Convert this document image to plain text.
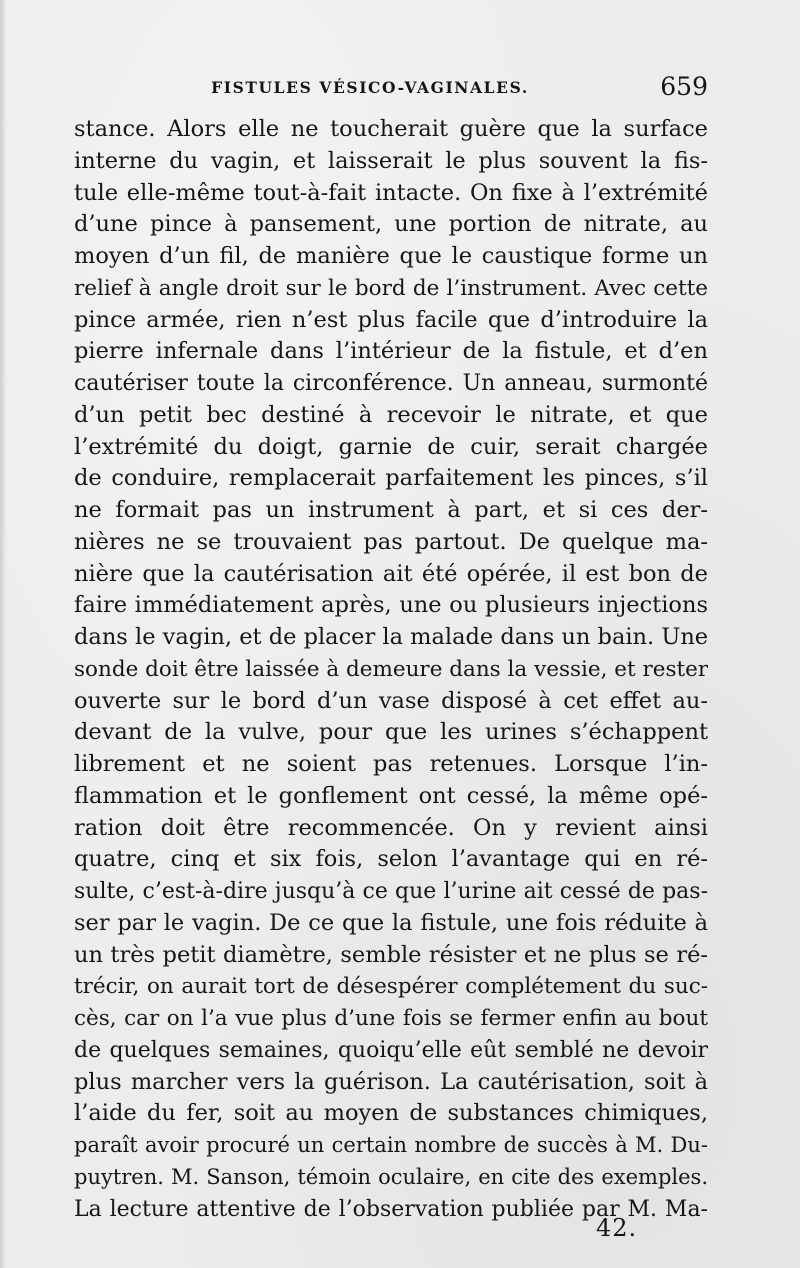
FISTULES VÉSICO-VAGINALES.	659
stance. Alors elle ne toucherait guère que la surface
interne du vagin, et laisserait le plus souvent la fis-
tule elle-même tout-à-fait intacte. On fixe à l’extrémité
d’une pince à pansement, une portion de nitrate, au
moyen d’un fil, de manière que le caustique forme un
relief à angle droit sur le bord de l’instrument. Avec cette
pince armée, rien n’est plus facile que d’introduire la
pierre infernale dans l’intérieur de la fistule, et d’en
cautériser toute la circonférence. Un anneau, surmonté
d’un petit bec destiné à recevoir le nitrate, et que
l’extrémité du doigt, garnie de cuir, serait chargée
de conduire, remplacerait parfaitement les pinces, s’il
ne formait pas un instrument à part, et si ces der-
nières ne se trouvaient pas partout. De quelque ma-
nière que la cautérisation ait été opérée, il est bon de
faire immédiatement après, une ou plusieurs injections
dans le vagin, et de placer la malade dans un bain. Une
sonde doit être laissée à demeure dans la vessie, et rester
ouverte sur le bord d’un vase disposé à cet effet au-
devant de la vulve, pour que les urines s’échappent
librement et ne soient pas retenues. Lorsque l’in-
flammation et le gonflement ont cessé, la même opé-
ration doit être recommencée. On y revient ainsi
quatre, cinq et six fois, selon l’avantage qui en ré-
sulte, c’est-à-dire jusqu’à ce que l’urine ait cessé de pas-
ser par le vagin. De ce que la fistule, une fois réduite à
un très petit diamètre, semble résister et ne plus se ré-
trécir, on aurait tort de désespérer complétement du suc-
cès, car on l’a vue plus d’une fois se fermer enfin au bout
de quelques semaines, quoiqu’elle eût semblé ne devoir
plus marcher vers la guérison. La cautérisation, soit à
l’aide du fer, soit au moyen de substances chimiques,
paraît avoir procuré un certain nombre de succès à M. Du-
puytren. M. Sanson, témoin oculaire, en cite des exemples.
La lecture attentive de l’observation publiée par M. Ma-
42.
